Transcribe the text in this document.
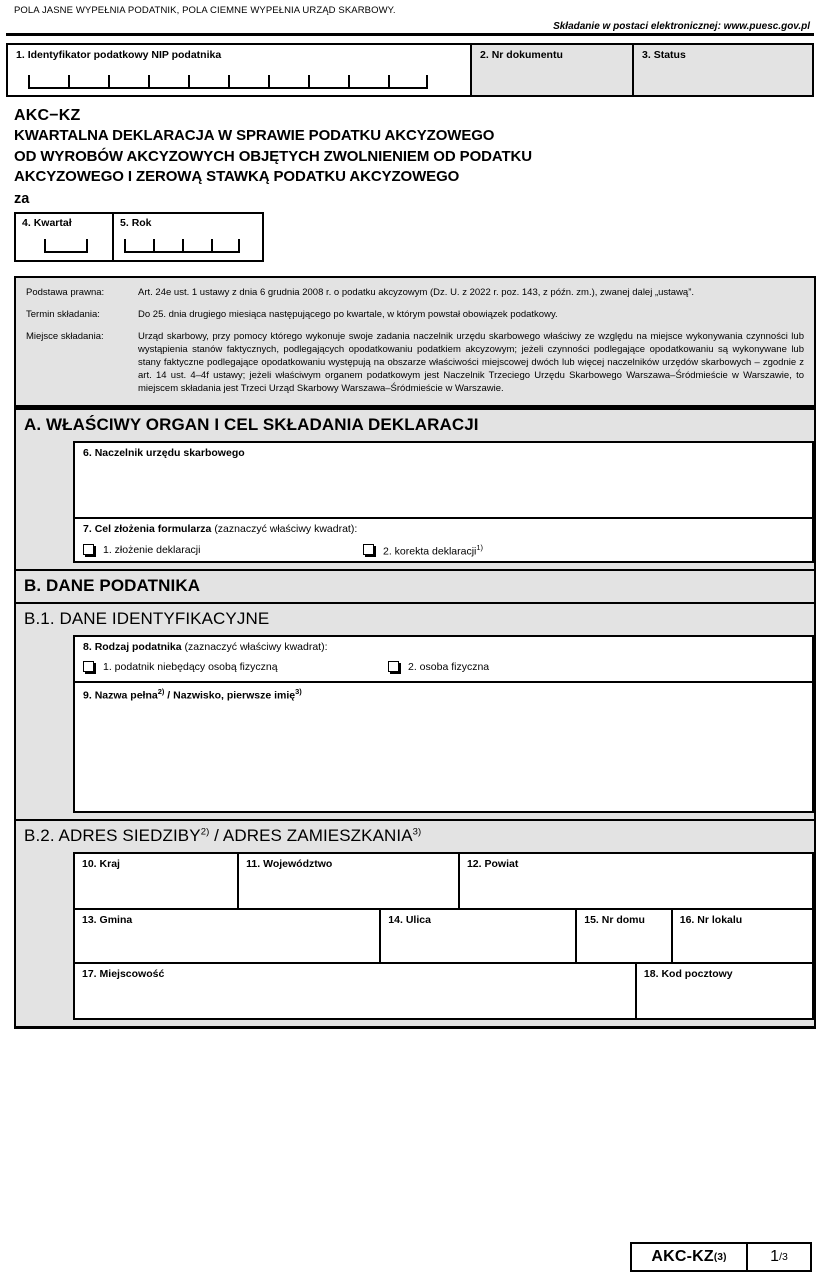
POLA JASNE WYPEŁNIA PODATNIK, POLA CIEMNE WYPEŁNIA URZĄD SKARBOWY.
Składanie w postaci elektronicznej: www.puesc.gov.pl
1. Identyfikator podatkowy NIP podatnika	2. Nr dokumentu	3. Status
AKC−KZ
KWARTALNA DEKLARACJA W SPRAWIE PODATKU AKCYZOWEGO
OD WYROBÓW AKCYZOWYCH OBJĘTYCH ZWOLNIENIEM OD PODATKU
AKCYZOWEGO I ZEROWĄ STAWKĄ PODATKU AKCYZOWEGO
za
4. Kwartał	5. Rok
Podstawa prawna:	Art. 24e ust. 1 ustawy z dnia 6 grudnia 2008 r. o podatku akcyzowym (Dz. U. z 2022 r. poz. 143, z późn. zm.), zwanej dalej „ustawą”.
Termin składania:	Do 25. dnia drugiego miesiąca następującego po kwartale, w którym powstał obowiązek podatkowy.
Miejsce składania:	Urząd skarbowy, przy pomocy którego wykonuje swoje zadania naczelnik urzędu skarbowego właściwy ze względu na miejsce wykonywania czynności lub wystąpienia stanów faktycznych, podlegających opodatkowaniu podatkiem akcyzowym; jeżeli czynności podlegające opodatkowaniu są wykonywane lub stany faktyczne podlegające opodatkowaniu występują na obszarze właściwości miejscowej dwóch lub więcej naczelników urzędów skarbowych – zgodnie z art. 14 ust. 4–4f ustawy; jeżeli właściwym organem podatkowym jest Naczelnik Trzeciego Urzędu Skarbowego Warszawa–Śródmieście w Warszawie, to miejscem składania jest Trzeci Urząd Skarbowy Warszawa–Śródmieście w Warszawie.
A. WŁAŚCIWY ORGAN I CEL SKŁADANIA DEKLARACJI
6. Naczelnik urzędu skarbowego
7. Cel złożenia formularza (zaznaczyć właściwy kwadrat):
1. złożenie deklaracji	2. korekta deklaracji$^{1)}$
B. DANE PODATNIKA
B.1. DANE IDENTYFIKACYJNE
8. Rodzaj podatnika (zaznaczyć właściwy kwadrat):
1. podatnik niebędący osobą fizyczną	2. osoba fizyczna
9. Nazwa pełna$^{2)}$ / Nazwisko, pierwsze imię$^{3)}$
B.2. ADRES SIEDZIBY$^{2)}$ / ADRES ZAMIESZKANIA$^{3)}$
10. Kraj	11. Województwo	12. Powiat
13. Gmina	14. Ulica	15. Nr domu	16. Nr lokalu
17. Miejscowość	18. Kod pocztowy
AKC-KZ (3)	1 /3
